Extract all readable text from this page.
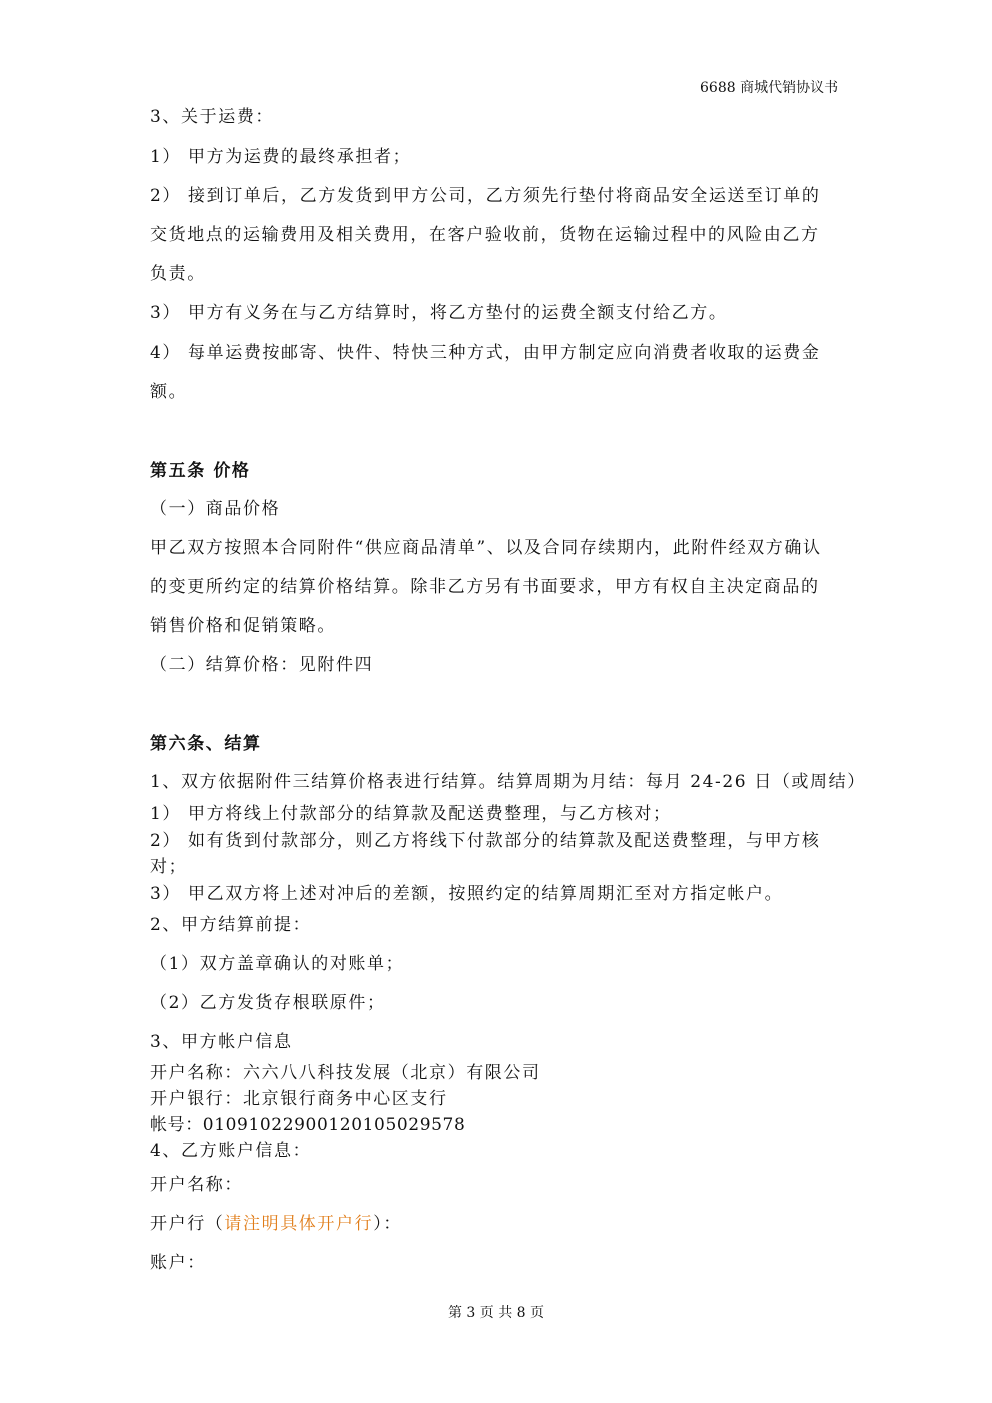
6688 商城代销协议书
3、关于运费：
1） 甲方为运费的最终承担者；
2） 接到订单后，乙方发货到甲方公司，乙方须先行垫付将商品安全运送至订单的
交货地点的运输费用及相关费用，在客户验收前，货物在运输过程中的风险由乙方
负责。
3） 甲方有义务在与乙方结算时，将乙方垫付的运费全额支付给乙方。
4） 每单运费按邮寄、快件、特快三种方式，由甲方制定应向消费者收取的运费金
额。
第五条 价格
（一）商品价格
甲乙双方按照本合同附件“供应商品清单”、以及合同存续期内，此附件经双方确认
的变更所约定的结算价格结算。除非乙方另有书面要求，甲方有权自主决定商品的
销售价格和促销策略。
（二）结算价格：见附件四
第六条、结算
1、双方依据附件三结算价格表进行结算。结算周期为月结：每月 24-26 日（或周结）
1） 甲方将线上付款部分的结算款及配送费整理，与乙方核对；
2） 如有货到付款部分，则乙方将线下付款部分的结算款及配送费整理，与甲方核
对；
3） 甲乙双方将上述对冲后的差额，按照约定的结算周期汇至对方指定帐户。
2、甲方结算前提：
（1）双方盖章确认的对账单；
（2）乙方发货存根联原件；
3、甲方帐户信息
开户名称：六六八八科技发展（北京）有限公司
开户银行：北京银行商务中心区支行
帐号：01091022900120105029578
4、乙方账户信息：
开户名称：
开户行（请注明具体开户行）：
账户：
第 3 页 共 8 页
